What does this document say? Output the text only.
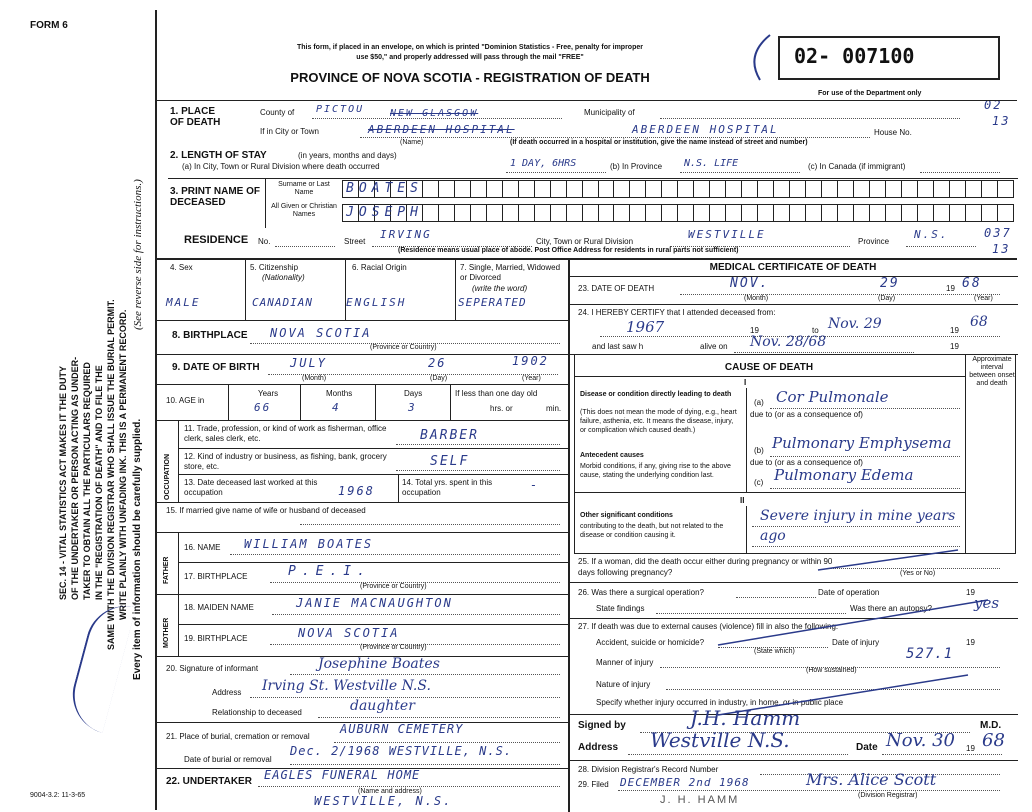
FORM 6
This form, if placed in an envelope, on which is printed "Dominion Statistics - Free, penalty for improper
use $50," and properly addressed will pass through the mail "FREE"
PROVINCE OF NOVA SCOTIA - REGISTRATION OF DEATH
02- 007100
For use of the Department only
02
13
SEC. 14 - VITAL STATISTICS ACT MAKES IT THE DUTY OF THE UNDERTAKER OR PERSON ACTING AS UNDER- TAKER TO OBTAIN ALL THE PARTICULARS REQUIRED IN THE "REGISTRATION OF DEATH" AND TO FILE THE SAME WITH THE DIVISION REGISTRAR WHO SHALL ISSUE THE BURIAL PERMIT. WRITE PLAINLY WITH UNFADING INK. THIS IS A PERMANENT RECORD.
(See reverse side for instructions.)
Every item of information should be carefully supplied.
1. PLACE OF DEATH
County of PICTOU	NEW GLASGOW	Municipality of
If in City or Town	ABERDEEN HOSPITAL	ABERDEEN HOSPITAL	House No.
(Name)	(If death occurred in a hospital or institution, give the name instead of street and number)
2. LENGTH OF STAY	(in years, months and days)
(a) In City, Town or Rural Division where death occurred	1 DAY, 6HRS	(b) In Province N.S. LIFE	(c) In Canada (if immigrant)
3. PRINT NAME OF DECEASED
Surname or Last Name
All Given or Christian Names
BOATES
JOSEPH
RESIDENCE No.	Street
IRVING
City, Town or Rural Division
WESTVILLE
Province
N.S.	037
13
(Residence means usual place of abode. Post Office Address for residents in rural parts not sufficient)
4. Sex	5. Citizenship
(Nationality)
6. Racial Origin	7. Single, Married, Widowed or Divorced
(write the word)
MALE	CANADIAN	ENGLISH	SEPERATED
8. BIRTHPLACE NOVA SCOTIA
(Province or Country)
9. DATE OF BIRTH	JULY	26	1902
(Month)	(Day)	(Year)
10. AGE in
Years	Months	Days
66	4	3
If less than one day old
hrs. or	min.
OCCUPATION
11. Trade, profession, or kind of work as fisherman, office clerk, sales clerk, etc.	BARBER
12. Kind of industry or business, as fishing, bank, grocery store, etc.	SELF
13. Date deceased last worked at this occupation	1968
14. Total yrs. spent in this occupation
-
15. If married give name of wife or husband of deceased
FATHER
16. NAME WILLIAM BOATES
17. BIRTHPLACE	P.E.I.
(Province or Country)
MOTHER
18. MAIDEN NAME	JANIE MACNAUGHTON
19. BIRTHPLACE	NOVA SCOTIA
(Province or Country)
20. Signature of informant	Josephine Boates
Address Irving St. Westville N.S.
Relationship to deceased	daughter
21. Place of burial, cremation or removal
AUBURN CEMETERY
Date of burial or removal
Dec. 2/1968 WESTVILLE, N.S.
22. UNDERTAKER EAGLES FUNERAL HOME
(Name and address)
WESTVILLE, N.S.
9004-3.2: 11-3-65
MEDICAL CERTIFICATE OF DEATH
23. DATE OF DEATH	NOV.	29	19 68
(Month)	(Day)	(Year)
24. I HEREBY CERTIFY that I attended deceased from:
1967	19	to Nov. 29	19
68
and last saw h	alive on Nov. 28/68	19
CAUSE OF DEATH
Approximate interval between onset and death
I
Disease or condition directly leading to death
(This does not mean the mode of dying, e.g., heart failure, asthenia, etc. It means the disease, injury, or complication which caused death.)
(a) Cor Pulmonale
due to (or as a consequence of)
Antecedent causes
Morbid conditions, if any, giving rise to the above cause, stating the underlying condition last.
(b) Pulmonary Emphysema
due to (or as a consequence of)
(c) Pulmonary Edema
II
Other significant conditions
contributing to the death, but not related to the disease or condition causing it.
Severe injury in mine years ago
25. If a woman, did the death occur either during pregnancy or within 90 days following pregnancy?	(Yes or No)
26. Was there a surgical operation?	Date of operation	19
State findings	Was there an autopsy?	yes
27. If death was due to external causes (violence) fill in also the following:
Accident, suicide or homicide?
(State which)
Date of injury	19
Manner of injury
(How sustained)
527.1
Nature of injury
Specify whether injury occurred in industry, in home, or in public place
Signed by	J.H. Hamm	M.D.
Address Westville N.S.	Date Nov. 30 19 68
28. Division Registrar's Record Number
29. Filed DECEMBER 2nd 1968	Mrs. Alice Scott
(Division Registrar)
J. H. HAMM
